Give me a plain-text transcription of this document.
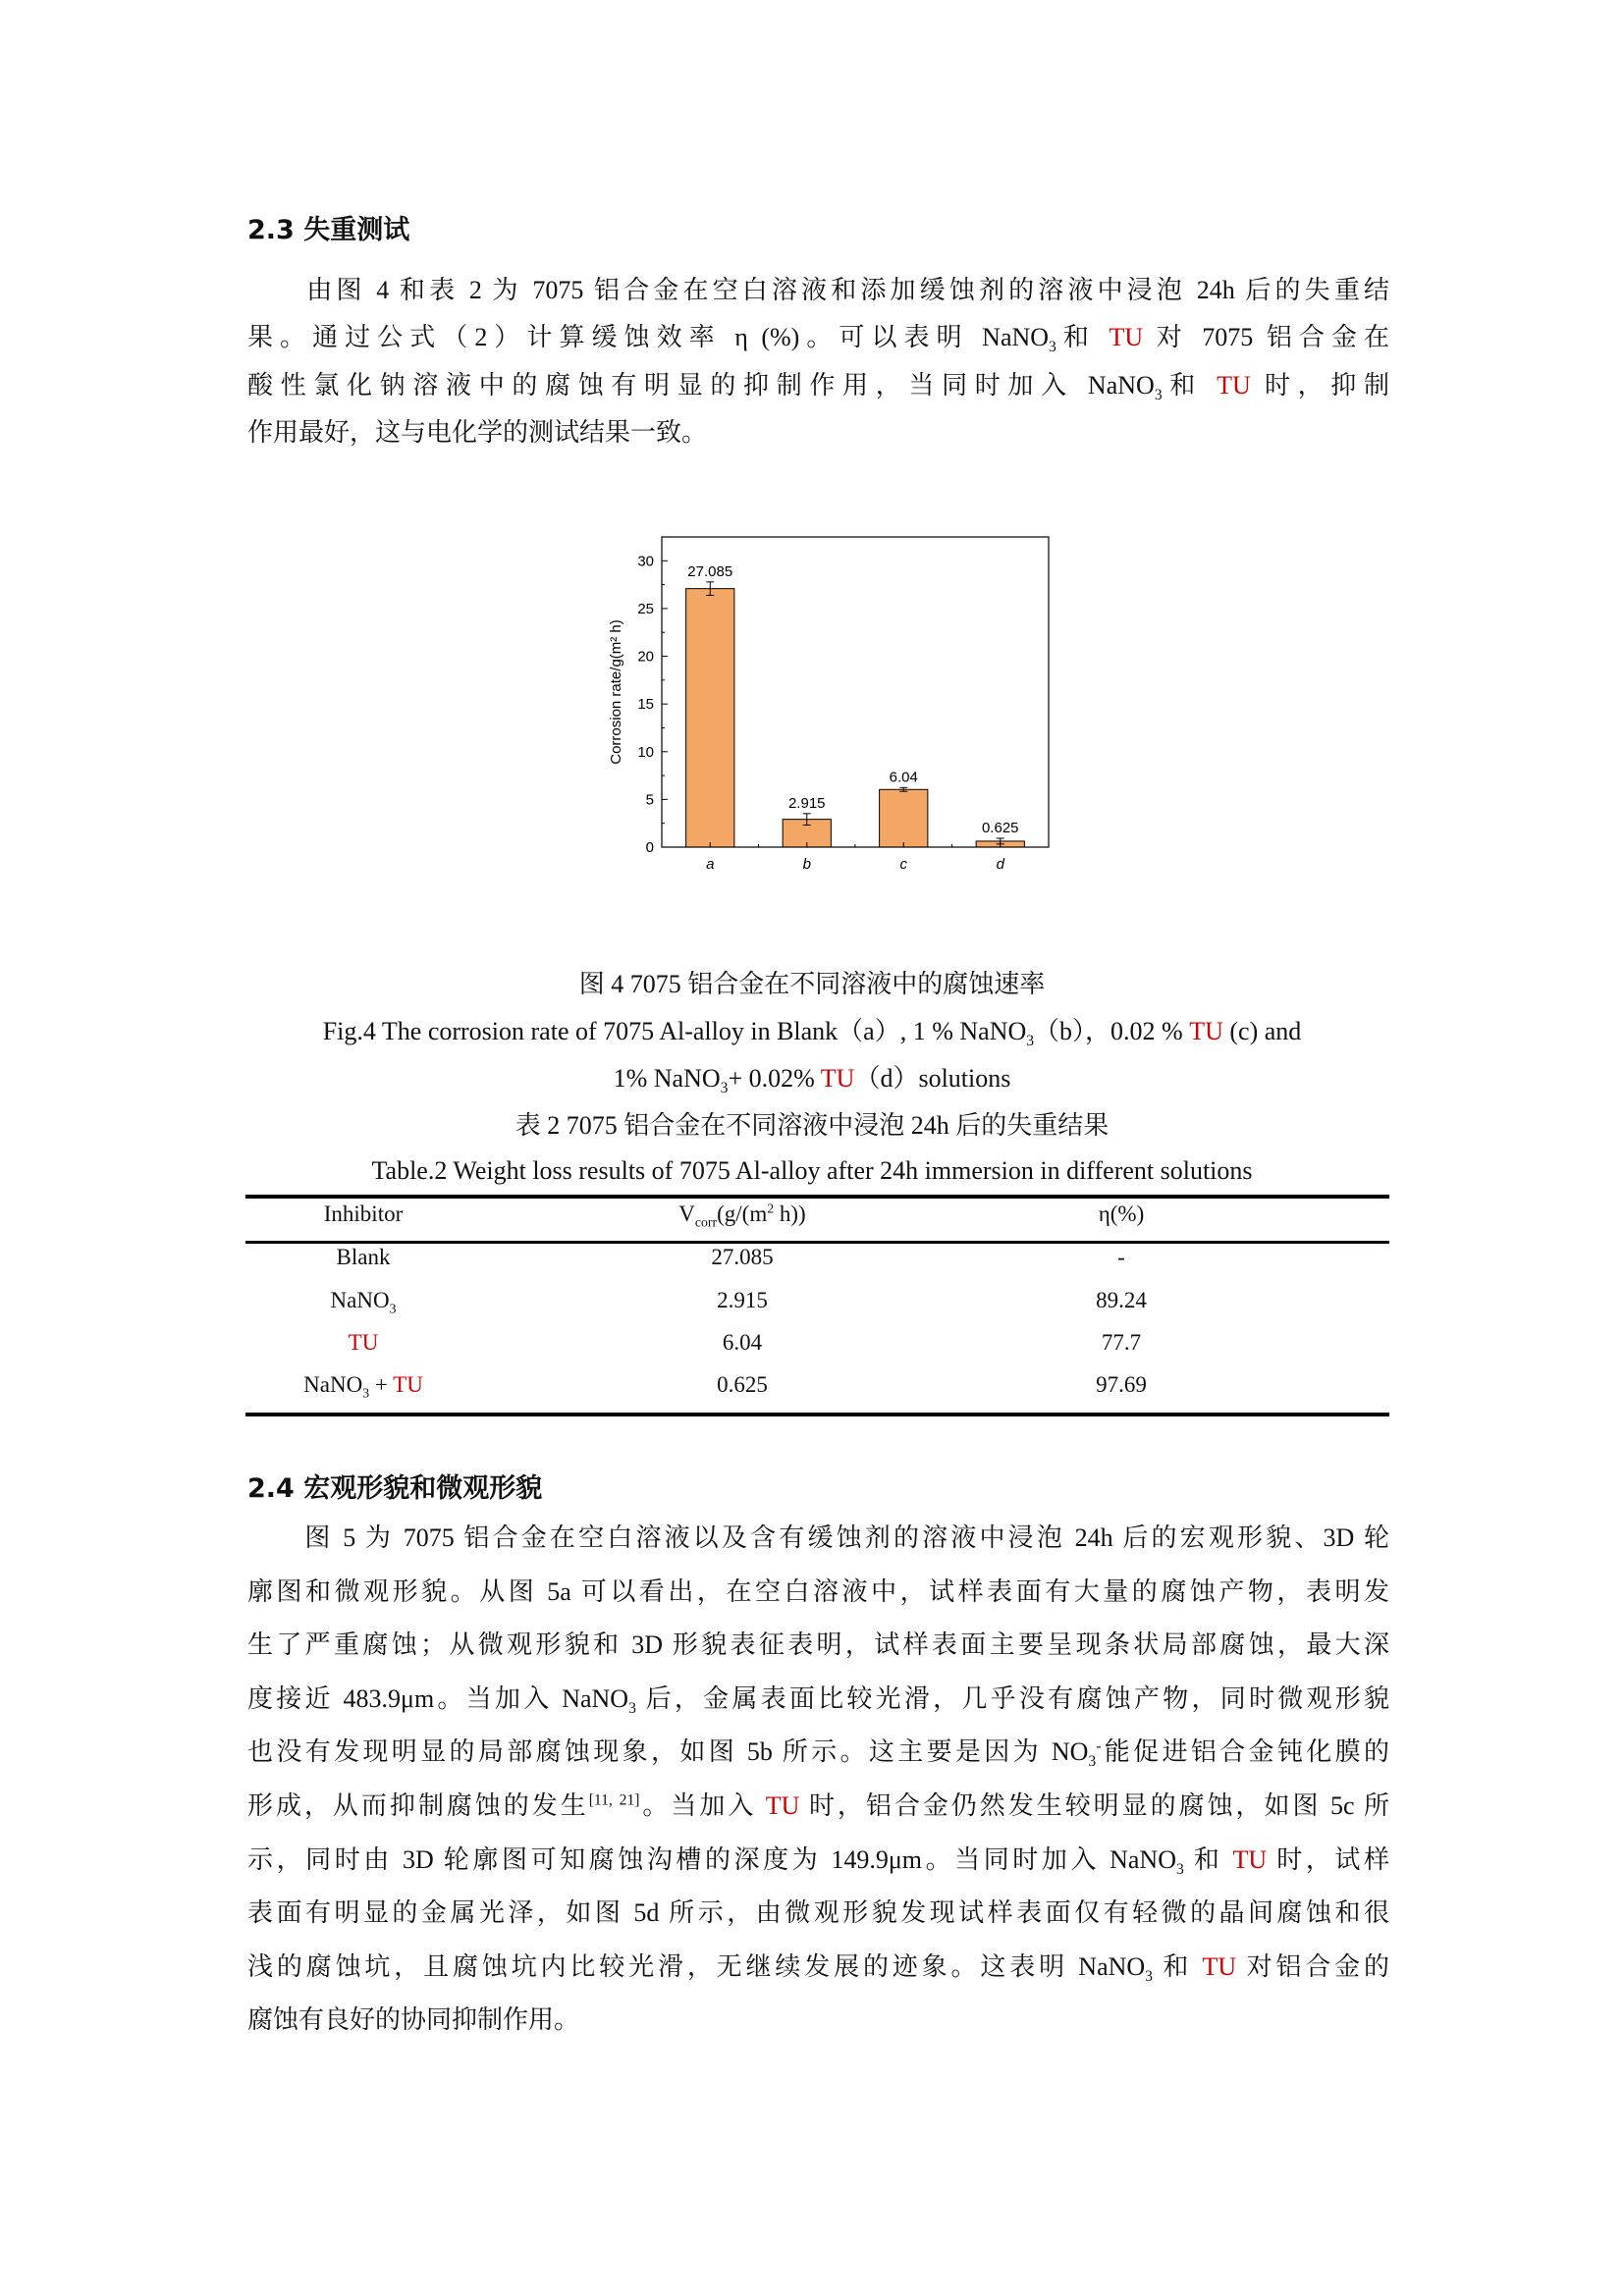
2.3 失重测试
　　由图 4 和表 2 为 7075 铝合金在空白溶液和添加缓蚀剂的溶液中浸泡 24h 后的失重结
果。通过公式（2）计算缓蚀效率 η (%)。可以表明 NaNO$_3$和 TU 对 7075 铝合金在
酸性氯化钠溶液中的腐蚀有明显的抑制作用，当同时加入 NaNO$_3$和 TU 时，抑制
作用最好，这与电化学的测试结果一致。
27.085
a
2.915
b
6.04
c
0.625
d
0
5
10
15
20
25
30
Corrosion rate/g(m² h)
图 4 7075 铝合金在不同溶液中的腐蚀速率
Fig.4 The corrosion rate of 7075 Al-alloy in Blank（a）, 1 % NaNO$_3$（b），0.02 % TU (c) and
1% NaNO$_3$+ 0.02% TU（d）solutions
表 2 7075 铝合金在不同溶液中浸泡 24h 后的失重结果
Table.2 Weight loss results of 7075 Al-alloy after 24h immersion in different solutions
Inhibitor	$V_{corr}(g/(m^2$ h))	η(%)
Blank	27.085	-
NaNO$_3$	2.915	89.24
TU	6.04	77.7
NaNO$_3$ + TU	0.625	97.69
2.4 宏观形貌和微观形貌
　　图 5 为 7075 铝合金在空白溶液以及含有缓蚀剂的溶液中浸泡 24h 后的宏观形貌、3D 轮
廓图和微观形貌。从图 5a 可以看出，在空白溶液中，试样表面有大量的腐蚀产物，表明发
生了严重腐蚀；从微观形貌和 3D 形貌表征表明，试样表面主要呈现条状局部腐蚀，最大深
度接近 483.9μm。当加入 NaNO$_3$ 后，金属表面比较光滑，几乎没有腐蚀产物，同时微观形貌
也没有发现明显的局部腐蚀现象，如图 5b 所示。这主要是因为 $NO_3^-$能促进铝合金钝化膜的
形成，从而抑制腐蚀的发生[11, 21]。当加入 TU 时，铝合金仍然发生较明显的腐蚀，如图 5c 所
示，同时由 3D 轮廓图可知腐蚀沟槽的深度为 149.9μm。当同时加入 NaNO$_3$ 和 TU 时，试样
表面有明显的金属光泽，如图 5d 所示，由微观形貌发现试样表面仅有轻微的晶间腐蚀和很
浅的腐蚀坑，且腐蚀坑内比较光滑，无继续发展的迹象。这表明 NaNO$_3$ 和 TU 对铝合金的
腐蚀有良好的协同抑制作用。
